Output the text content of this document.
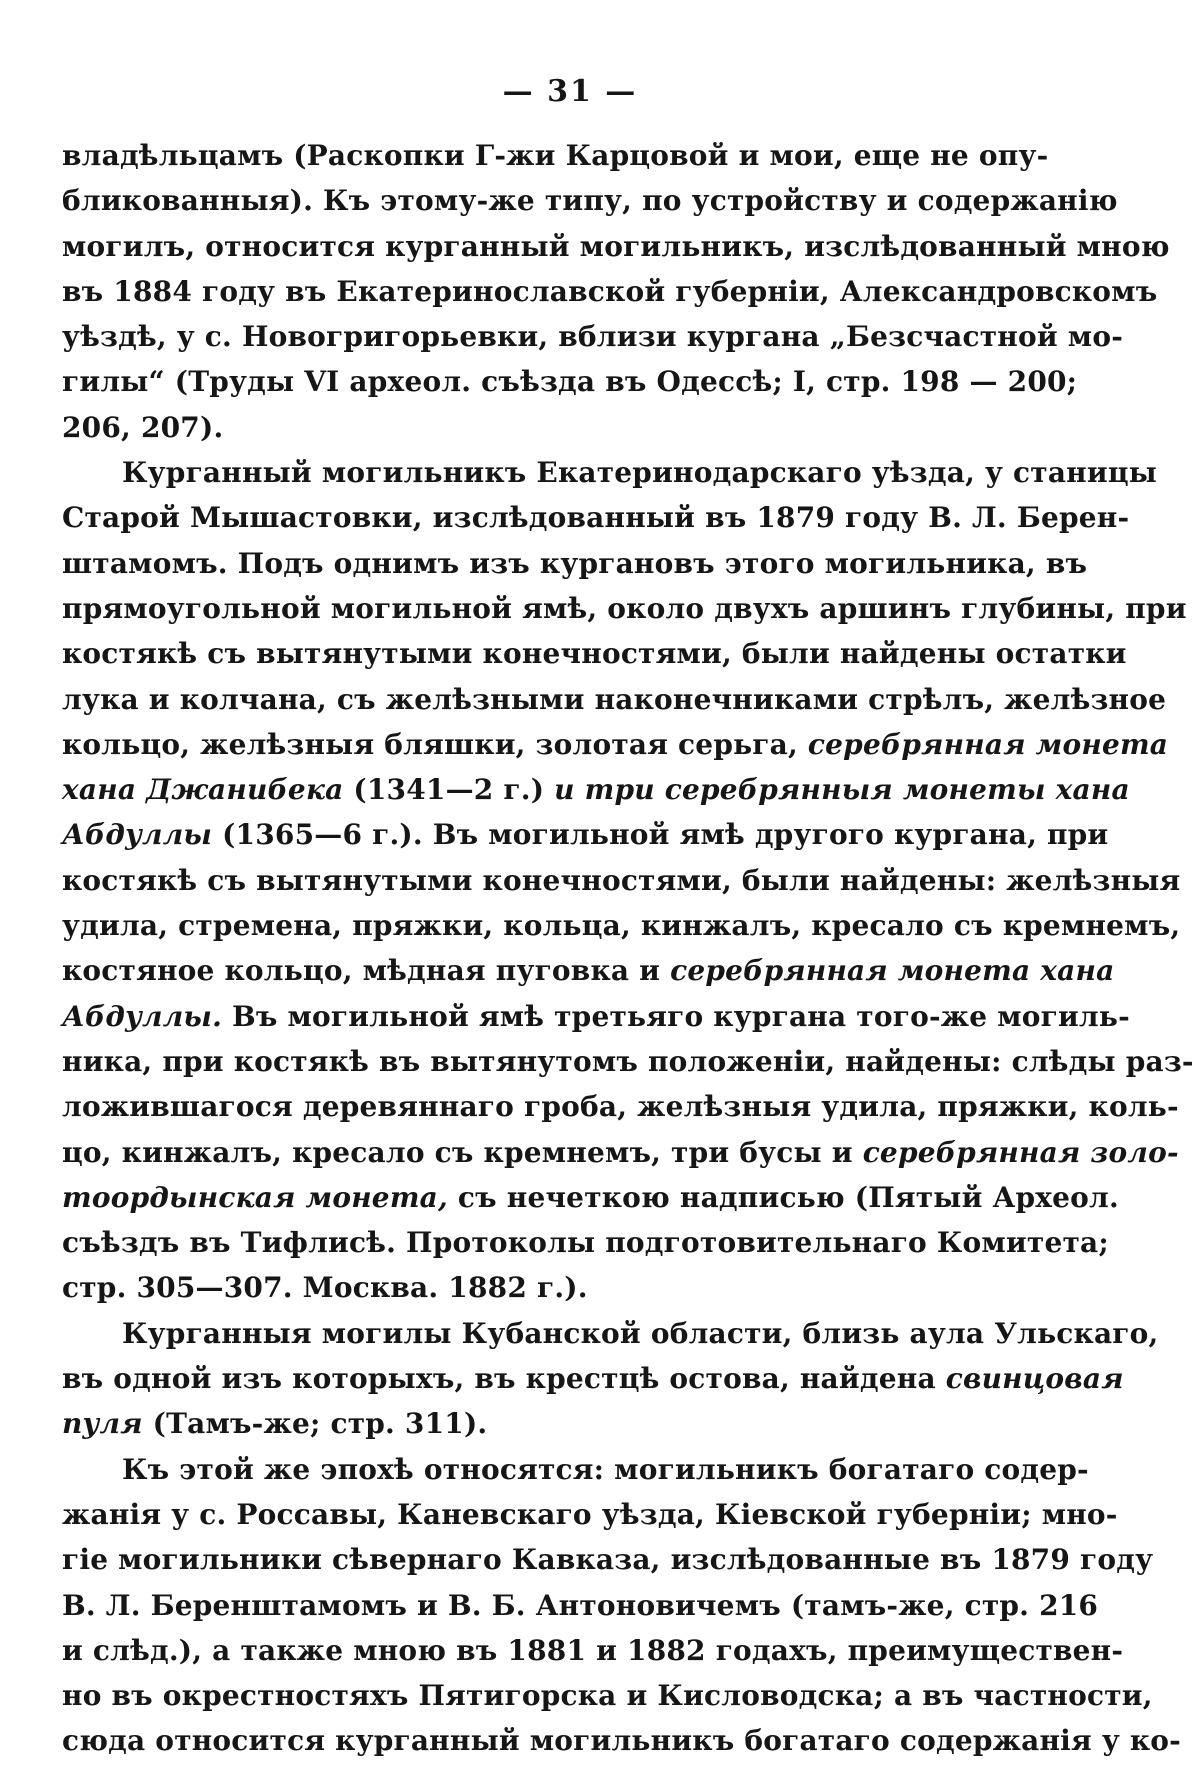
— 31 —
владѣльцамъ (Раскопки Г-жи Карцовой и мои, еще не опу-
бликованныя). Къ этому-же типу, по устройству и содержанію
могилъ, относится курганный могильникъ, изслѣдованный мною
въ 1884 году въ Екатеринославской губерніи, Александровскомъ
уѣздѣ, у с. Новогригорьевки, вблизи кургана „Безсчастной мо-
гилы“ (Труды VI археол. съѣзда въ Одессѣ; I, стр. 198 — 200;
206, 207).
Курганный могильникъ Екатеринодарскаго уѣзда, у станицы
Старой Мышастовки, изслѣдованный въ 1879 году В. Л. Берен-
штамомъ. Подъ однимъ изъ кургановъ этого могильника, въ
прямоугольной могильной ямѣ, около двухъ аршинъ глубины, при
костякѣ съ вытянутыми конечностями, были найдены остатки
лука и колчана, съ желѣзными наконечниками стрѣлъ, желѣзное
кольцо, желѣзныя бляшки, золотая серьга, серебрянная монета
хана Джанибека (1341—2 г.) и три серебрянныя монеты хана
Абдуллы (1365—6 г.). Въ могильной ямѣ другого кургана, при
костякѣ съ вытянутыми конечностями, были найдены: желѣзныя
удила, стремена, пряжки, кольца, кинжалъ, кресало съ кремнемъ,
костяное кольцо, мѣдная пуговка и серебрянная монета хана
Абдуллы. Въ могильной ямѣ третьяго кургана того-же могиль-
ника, при костякѣ въ вытянутомъ положеніи, найдены: слѣды раз-
ложившагося деревяннаго гроба, желѣзныя удила, пряжки, коль-
цо, кинжалъ, кресало съ кремнемъ, три бусы и серебрянная золо-
тоордынская монета, съ нечеткою надписью (Пятый Археол.
съѣздъ въ Тифлисѣ. Протоколы подготовительнаго Комитета;
стр. 305—307. Москва. 1882 г.).
Курганныя могилы Кубанской области, близь аула Ульскаго,
въ одной изъ которыхъ, въ крестцѣ остова, найдена свинцовая
пуля (Тамъ-же; стр. 311).
Къ этой же эпохѣ относятся: могильникъ богатаго содер-
жанія у с. Россавы, Каневскаго уѣзда, Кіевской губерніи; мно-
гіе могильники сѣвернаго Кавказа, изслѣдованные въ 1879 году
В. Л. Беренштамомъ и В. Б. Антоновичемъ (тамъ-же, стр. 216
и слѣд.), а также мною въ 1881 и 1882 годахъ, преимуществен-
но въ окрестностяхъ Пятигорска и Кисловодска; а въ частности,
сюда относится курганный могильникъ богатаго содержанія у ко-
